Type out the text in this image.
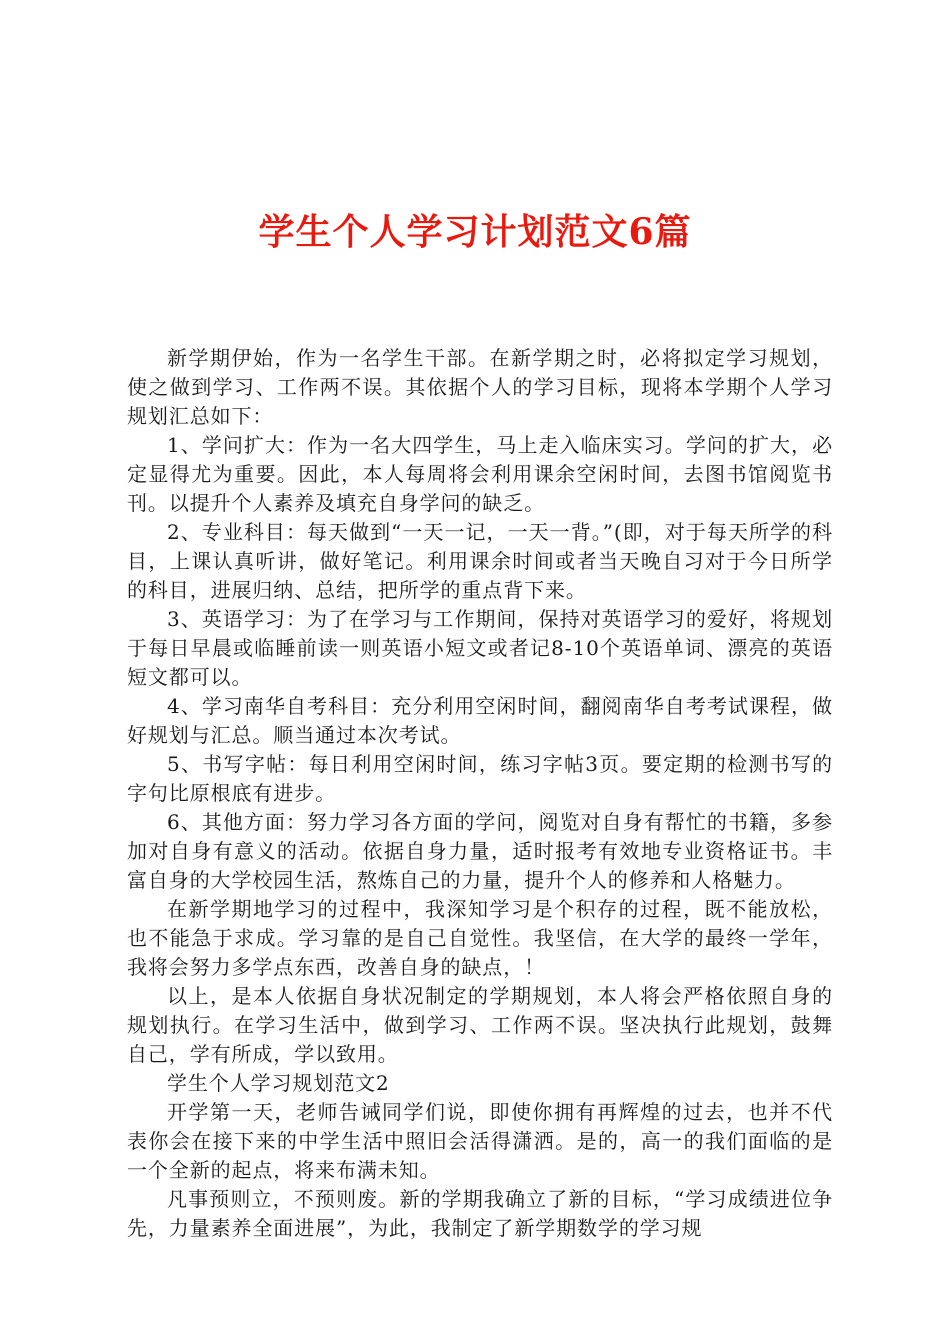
学生个人学习计划范文6篇

新学期伊始，作为一名学生干部。在新学期之时，必将拟定学习规划，使之做到学习、工作两不误。其依据个人的学习目标，现将本学期个人学习规划汇总如下：

1、学问扩大：作为一名大四学生，马上走入临床实习。学问的扩大，必定显得尤为重要。因此，本人每周将会利用课余空闲时间，去图书馆阅览书刊。以提升个人素养及填充自身学问的缺乏。

2、专业科目：每天做到“一天一记，一天一背。”(即，对于每天所学的科目，上课认真听讲，做好笔记。利用课余时间或者当天晚自习对于今日所学的科目，进展归纳、总结，把所学的重点背下来。

3、英语学习：为了在学习与工作期间，保持对英语学习的爱好，将规划于每日早晨或临睡前读一则英语小短文或者记8-10个英语单词、漂亮的英语短文都可以。

4、学习南华自考科目：充分利用空闲时间，翻阅南华自考考试课程，做好规划与汇总。顺当通过本次考试。

5、书写字帖：每日利用空闲时间，练习字帖3页。要定期的检测书写的字句比原根底有进步。

6、其他方面：努力学习各方面的学问，阅览对自身有帮忙的书籍，多参加对自身有意义的活动。依据自身力量，适时报考有效地专业资格证书。丰富自身的大学校园生活，熬炼自己的力量，提升个人的修养和人格魅力。

在新学期地学习的过程中，我深知学习是个积存的过程，既不能放松，也不能急于求成。学习靠的是自己自觉性。我坚信，在大学的最终一学年，我将会努力多学点东西，改善自身的缺点，！

以上，是本人依据自身状况制定的学期规划，本人将会严格依照自身的规划执行。在学习生活中，做到学习、工作两不误。坚决执行此规划，鼓舞自己，学有所成，学以致用。

学生个人学习规划范文2

开学第一天，老师告诫同学们说，即使你拥有再辉煌的过去，也并不代表你会在接下来的中学生活中照旧会活得潇洒。是的，高一的我们面临的是一个全新的起点，将来布满未知。

凡事预则立，不预则废。新的学期我确立了新的目标，“学习成绩进位争先，力量素养全面进展”，为此，我制定了新学期数学的学习规
